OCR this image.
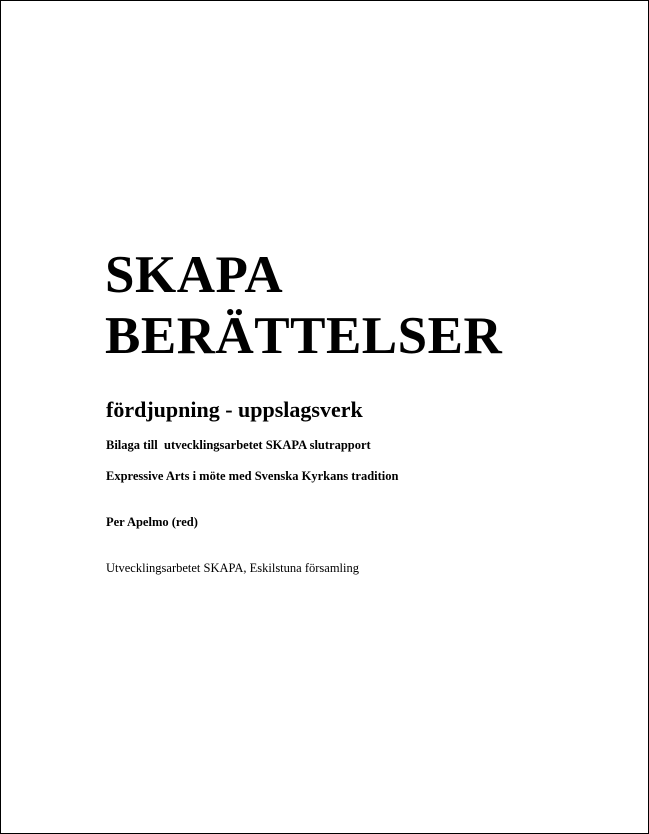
SKAPA
BERÄTTELSER
fördjupning - uppslagsverk

Bilaga till  utvecklingsarbetet SKAPA slutrapport

Expressive Arts i möte med Svenska Kyrkans tradition

Per Apelmo (red)

Utvecklingsarbetet SKAPA, Eskilstuna församling
